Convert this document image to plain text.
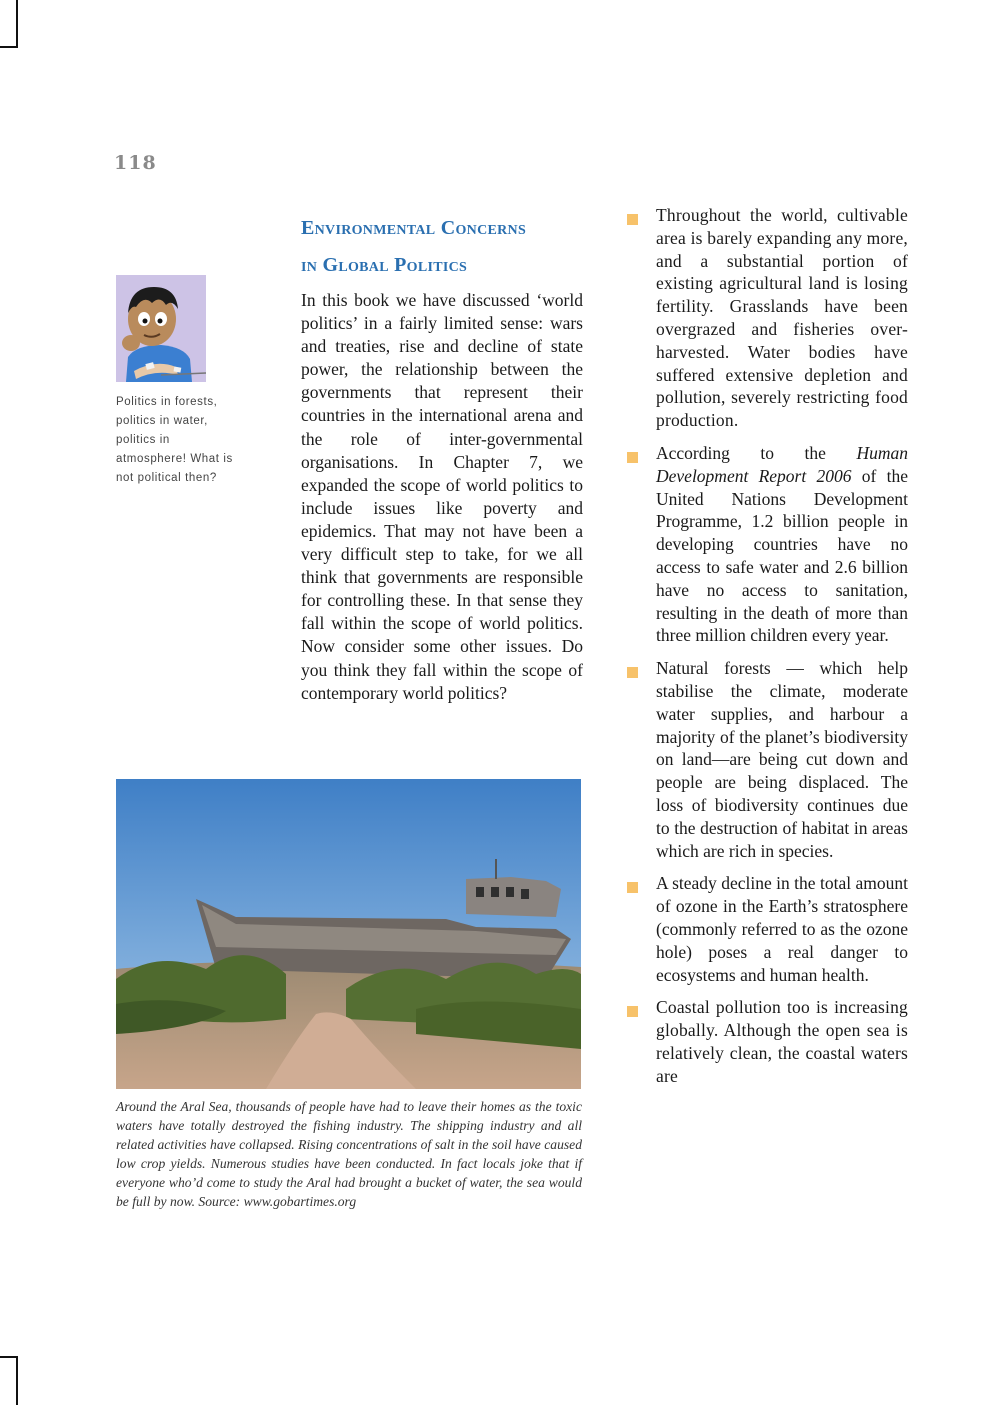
118
Environmental Concerns
in Global Politics
Politics in forests,
politics in water,
politics in
atmosphere! What is
not political then?

In this book we have discussed ‘world politics’ in a fairly limited sense: wars and treaties, rise and decline of state power, the relationship between the governments that represent their countries in the international arena and the role of inter-governmental organisations. In Chapter 7, we expanded the scope of world politics to include issues like poverty and epidemics. That may not have been a very difficult step to take, for we all think that governments are responsible for controlling these. In that sense they fall within the scope of world politics. Now consider some other issues. Do you think they fall within the scope of contemporary world politics?

Around the Aral Sea, thousands of people have had to leave their homes as the toxic waters have totally destroyed the fishing industry. The shipping industry and all related activities have collapsed. Rising concentrations of salt in the soil have caused low crop yields. Numerous studies have been conducted. In fact locals joke that if everyone who’d come to study the Aral had brought a bucket of water, the sea would be full by now. Source: www.gobartimes.org

Throughout the world, cultivable area is barely expanding any more, and a substantial portion of existing agricultural land is losing fertility. Grasslands have been overgrazed and fisheries over-harvested. Water bodies have suffered extensive depletion and pollution, severely restricting food production.
According to the Human Development Report 2006 of the United Nations Development Programme, 1.2 billion people in developing countries have no access to safe water and 2.6 billion have no access to sanitation, resulting in the death of more than three million children every year.
Natural forests — which help stabilise the climate, moderate water supplies, and harbour a majority of the planet’s biodiversity on land—are being cut down and people are being displaced. The loss of biodiversity continues due to the destruction of habitat in areas which are rich in species.
A steady decline in the total amount of ozone in the Earth’s stratosphere (commonly referred to as the ozone hole) poses a real danger to ecosystems and human health.
Coastal pollution too is increasing globally. Although the open sea is relatively clean, the coastal waters are
